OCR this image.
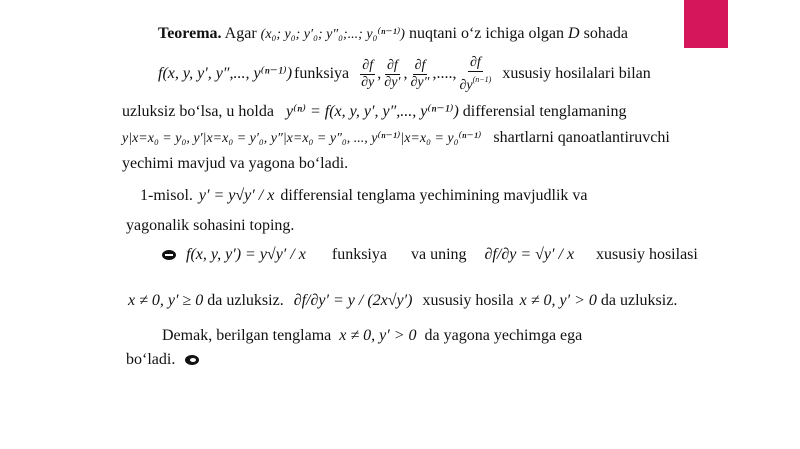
Teorema. Agar (x₀; y₀; y′₀; y″₀;...; y₀⁽ⁿ⁻¹⁾) nuqtani o‘z ichiga olgan D sohada
f(x, y, y′, y″,..., y⁽ⁿ⁻¹⁾) funksiya $\frac{\partial f}{\partial y}$ , $\frac{\partial f}{\partial y'}$ , $\frac{\partial f}{\partial y''}$ ,...., $\frac{\partial f}{\partial y^{(n-1)}}$ xususiy hosilalari bilan
uzluksiz bo‘lsa, u holda y⁽ⁿ⁾ = f(x, y, y′, y″,..., y⁽ⁿ⁻¹⁾) differensial tenglamaning
y|x=x₀ = y₀, y′|x=x₀ = y′₀, y″|x=x₀ = y″₀, ..., y⁽ⁿ⁻¹⁾|x=x₀ = y₀⁽ⁿ⁻¹⁾ shartlarni qanoatlantiruvchi
yechimi mavjud va yagona bo‘ladi.
1-misol. y′ = y√y′ / x differensial tenglama yechimining mavjudlik va
yagonalik sohasini toping.
f(x, y, y′) = y√y′ / x funksiya va uning ∂f/∂y = √y′ / x xususiy hosilasi
x ≠ 0, y′ ≥ 0 da uzluksiz. ∂f/∂y′ = y / (2x√y′) xususiy hosila x ≠ 0, y′ > 0 da uzluksiz.
Demak, berilgan tenglama x ≠ 0, y′ > 0 da yagona yechimga ega
bo‘ladi.
